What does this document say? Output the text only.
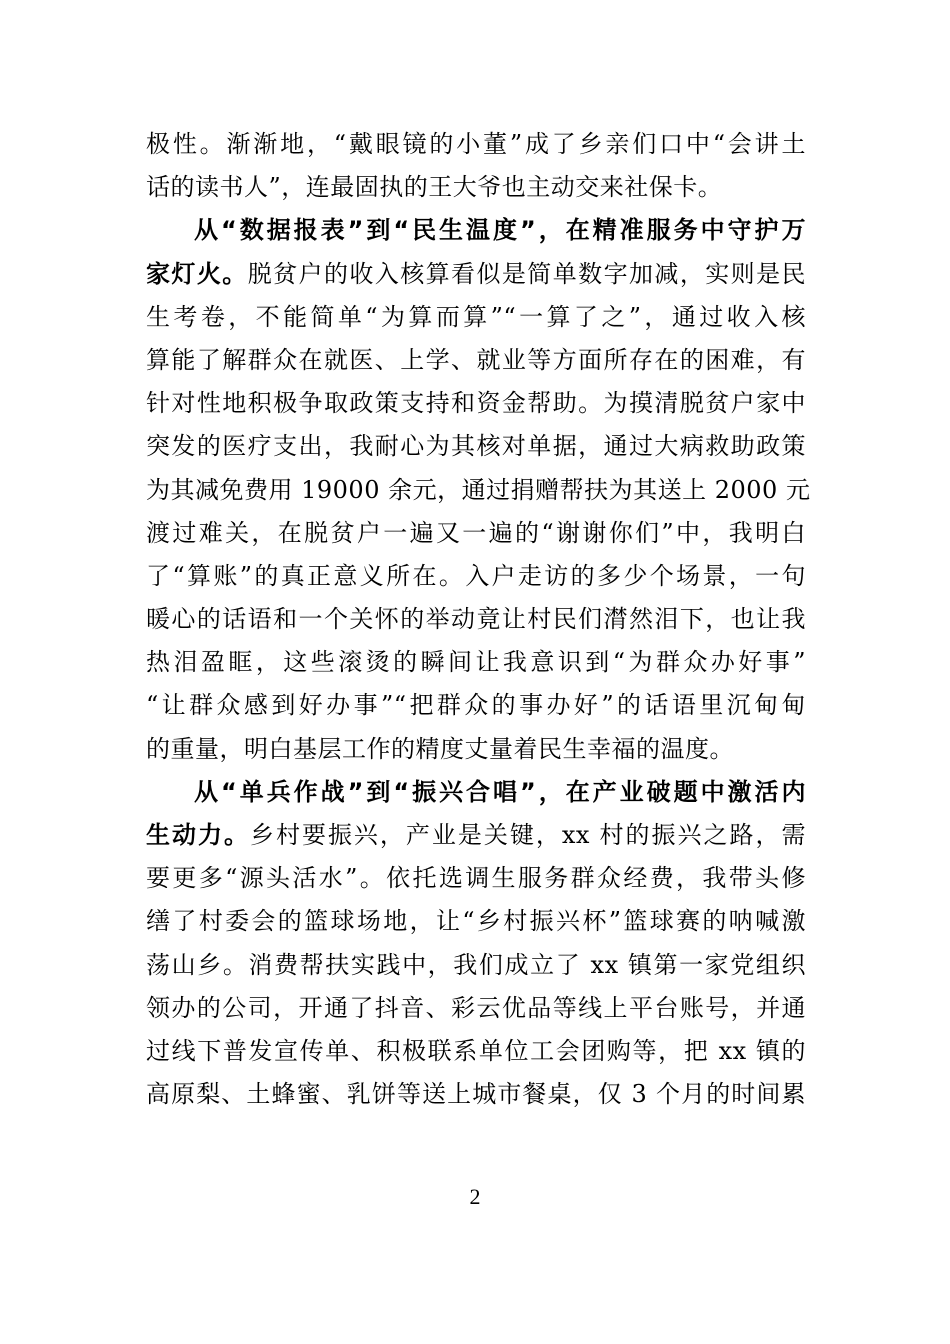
极性。渐渐地，“戴眼镜的小董”成了乡亲们口中“会讲土
话的读书人”，连最固执的王大爷也主动交来社保卡。
从“数据报表”到“民生温度”，在精准服务中守护万
家灯火。脱贫户的收入核算看似是简单数字加减，实则是民
生考卷，不能简单“为算而算”“一算了之”，通过收入核
算能了解群众在就医、上学、就业等方面所存在的困难，有
针对性地积极争取政策支持和资金帮助。为摸清脱贫户家中
突发的医疗支出，我耐心为其核对单据，通过大病救助政策
为其减免费用 19000 余元，通过捐赠帮扶为其送上 2000 元
渡过难关，在脱贫户一遍又一遍的“谢谢你们”中，我明白
了“算账”的真正意义所在。入户走访的多少个场景，一句
暖心的话语和一个关怀的举动竟让村民们潸然泪下，也让我
热泪盈眶，这些滚烫的瞬间让我意识到“为群众办好事”
“让群众感到好办事”“把群众的事办好”的话语里沉甸甸
的重量，明白基层工作的精度丈量着民生幸福的温度。
从“单兵作战”到“振兴合唱”，在产业破题中激活内
生动力。乡村要振兴，产业是关键，xx 村的振兴之路，需
要更多“源头活水”。依托选调生服务群众经费，我带头修
缮了村委会的篮球场地，让“乡村振兴杯”篮球赛的呐喊激
荡山乡。消费帮扶实践中，我们成立了 xx 镇第一家党组织
领办的公司，开通了抖音、彩云优品等线上平台账号，并通
过线下普发宣传单、积极联系单位工会团购等，把 xx 镇的
高原梨、土蜂蜜、乳饼等送上城市餐桌，仅 3 个月的时间累
2
